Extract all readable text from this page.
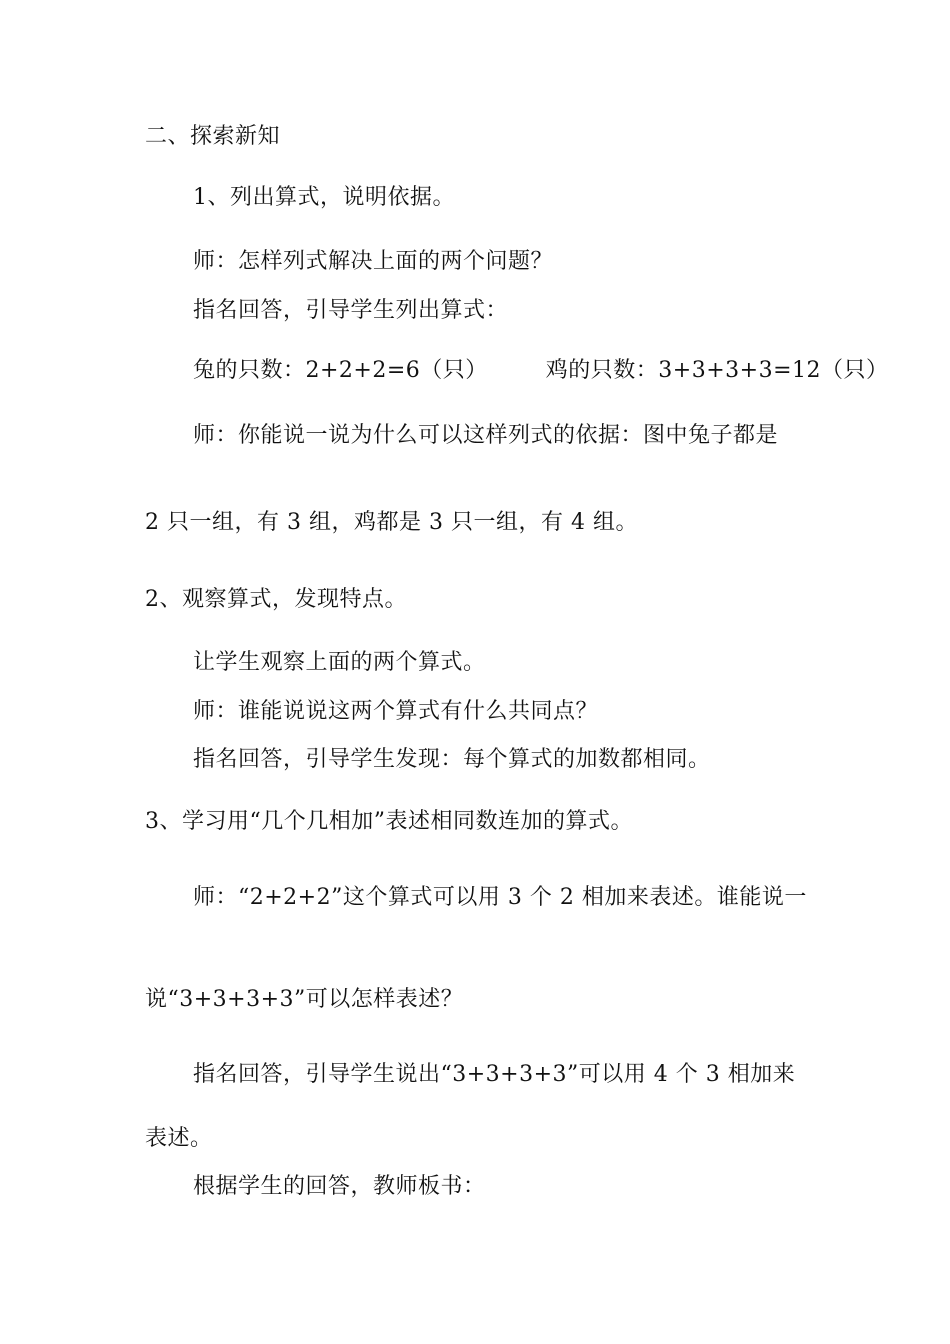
二、探索新知
1、列出算式，说明依据。
师：怎样列式解决上面的两个问题？
指名回答，引导学生列出算式：
兔的只数：2+2+2=6（只）	鸡的只数：3+3+3+3=12（只）
师：你能说一说为什么可以这样列式的依据：图中兔子都是
2 只一组，有 3 组，鸡都是 3 只一组，有 4 组。
2、观察算式，发现特点。
让学生观察上面的两个算式。
师：谁能说说这两个算式有什么共同点？
指名回答，引导学生发现：每个算式的加数都相同。
3、学习用“几个几相加”表述相同数连加的算式。
师：“2+2+2”这个算式可以用 3 个 2 相加来表述。谁能说一
说“3+3+3+3”可以怎样表述？
指名回答，引导学生说出“3+3+3+3”可以用 4 个 3 相加来
表述。
根据学生的回答，教师板书：
